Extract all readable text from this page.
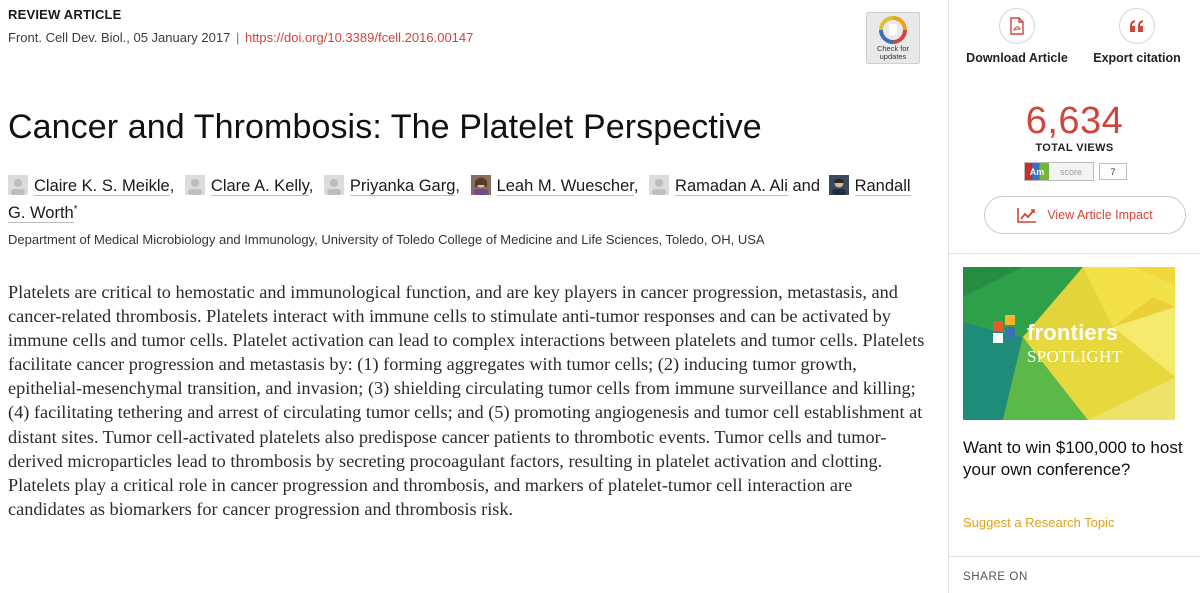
REVIEW ARTICLE
Front. Cell Dev. Biol., 05 January 2017 | https://doi.org/10.3389/fcell.2016.00147
Check for updates
Cancer and Thrombosis: The Platelet Perspective
Claire K. S. Meikle, Clare A. Kelly, Priyanka Garg, Leah M. Wuescher, Ramadan A. Ali and Randall G. Worth*
Department of Medical Microbiology and Immunology, University of Toledo College of Medicine and Life Sciences, Toledo, OH, USA

Platelets are critical to hemostatic and immunological function, and are key players in cancer progression, metastasis, and cancer-related thrombosis. Platelets interact with immune cells to stimulate anti-tumor responses and can be activated by immune cells and tumor cells. Platelet activation can lead to complex interactions between platelets and tumor cells. Platelets facilitate cancer progression and metastasis by: (1) forming aggregates with tumor cells; (2) inducing tumor growth, epithelial-mesenchymal transition, and invasion; (3) shielding circulating tumor cells from immune surveillance and killing; (4) facilitating tethering and arrest of circulating tumor cells; and (5) promoting angiogenesis and tumor cell establishment at distant sites. Tumor cell-activated platelets also predispose cancer patients to thrombotic events. Tumor cells and tumor-derived microparticles lead to thrombosis by secreting procoagulant factors, resulting in platelet activation and clotting. Platelets play a critical role in cancer progression and thrombosis, and markers of platelet-tumor cell interaction are candidates as biomarkers for cancer progression and thrombosis risk.

Download Article	Export citation
6,634
TOTAL VIEWS
Am	score	7
View Article Impact
frontiers
SPOTLIGHT
Want to win $100,000 to host your own conference?
Suggest a Research Topic
SHARE ON
